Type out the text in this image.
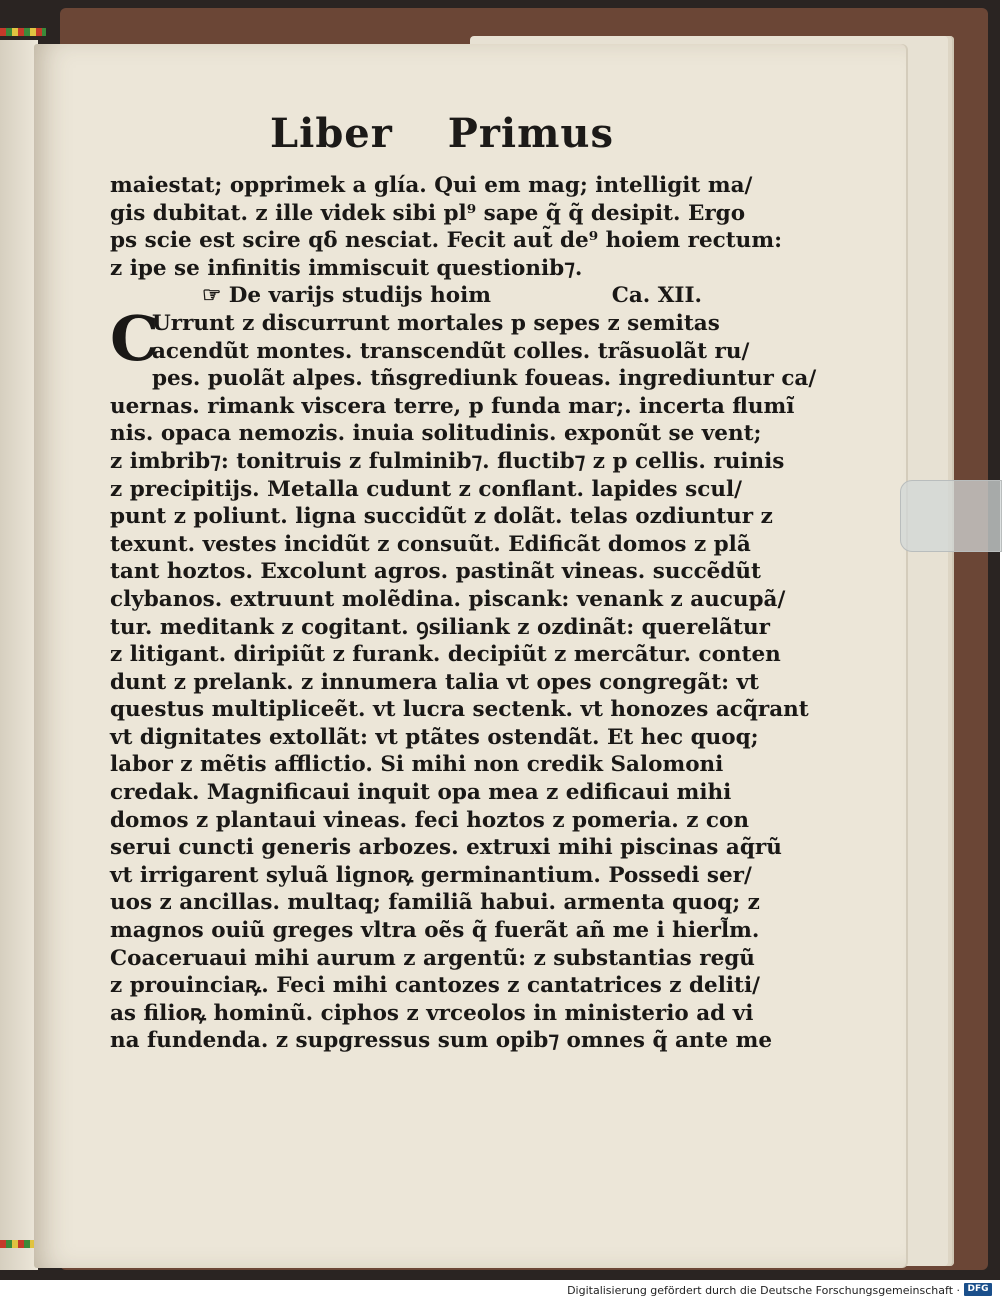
Liber Primus
maiestat; opprimek a glía. Qui em mag; intelligit ma/
gis dubitat. z ille videk sibi pl⁹ sape q̃ q̃ desipit. Ergo
ps scie est scire qδ nesciat. Fecit aut̃ de⁹ hoiem rectum:
z ipe se infinitis immiscuit questionib⁊.
☞ De varijs studijs hoim	Ca. XII.
C
Urrunt z discurrunt mortales p sepes z semitas
acendũt montes. transcendũt colles. trãsuolãt ru/
pes. puolãt alpes. tñsgrediunk foueas. ingrediuntur ca/
uernas. rimank viscera terre, p funda mar;. incerta flumĩ
nis. opaca nemozis. inuia solitudinis. exponũt se vent;
z imbrib⁊: tonitruis z fulminib⁊. fluctib⁊ z p cellis. ruinis
z precipitijs. Metalla cudunt z conflant. lapides scul/
punt z poliunt. ligna succidũt z dolãt. telas ozdiuntur z
texunt. vestes incidũt z consuũt. Edificãt domos z plã
tant hoztos. Excolunt agros. pastinãt vineas. succẽdũt
clybanos. extruunt molẽdina. piscank: venank z aucupã/
tur. meditank z cogitant. ꝯsiliank z ozdinãt: querelãtur
z litigant. diripiũt z furank. decipiũt z mercãtur. conten
dunt z prelank. z innumera talia vt opes congregãt: vt
questus multipliceẽt. vt lucra sectenk. vt honozes acq̃rant
vt dignitates extollãt: vt ptãtes ostendãt. Et hec quoq;
labor z mẽtis afflictio. Si mihi non credik Salomoni
credak. Magnificaui inquit opa mea z edificaui mihi
domos z plantaui vineas. feci hoztos z pomeria. z con
serui cuncti generis arbozes. extruxi mihi piscinas aq̃rũ
vt irrigarent syluã lignoꝶ germinantium. Possedi ser/
uos z ancillas. multaq; familiã habui. armenta quoq; z
magnos ouiũ greges vltra oẽs q̃ fuerãt añ me i hierl̃m.
Coaceruaui mihi aurum z argentũ: z substantias regũ
z prouinciaꝶ. Feci mihi cantozes z cantatrices z deliti/
as filioꝶ hominũ. ciphos z vrceolos in ministerio ad vi
na fundenda. z supgressus sum opib⁊ omnes q̃ ante me
Digitalisierung gefördert durch die Deutsche Forschungsgemeinschaft · DFG
